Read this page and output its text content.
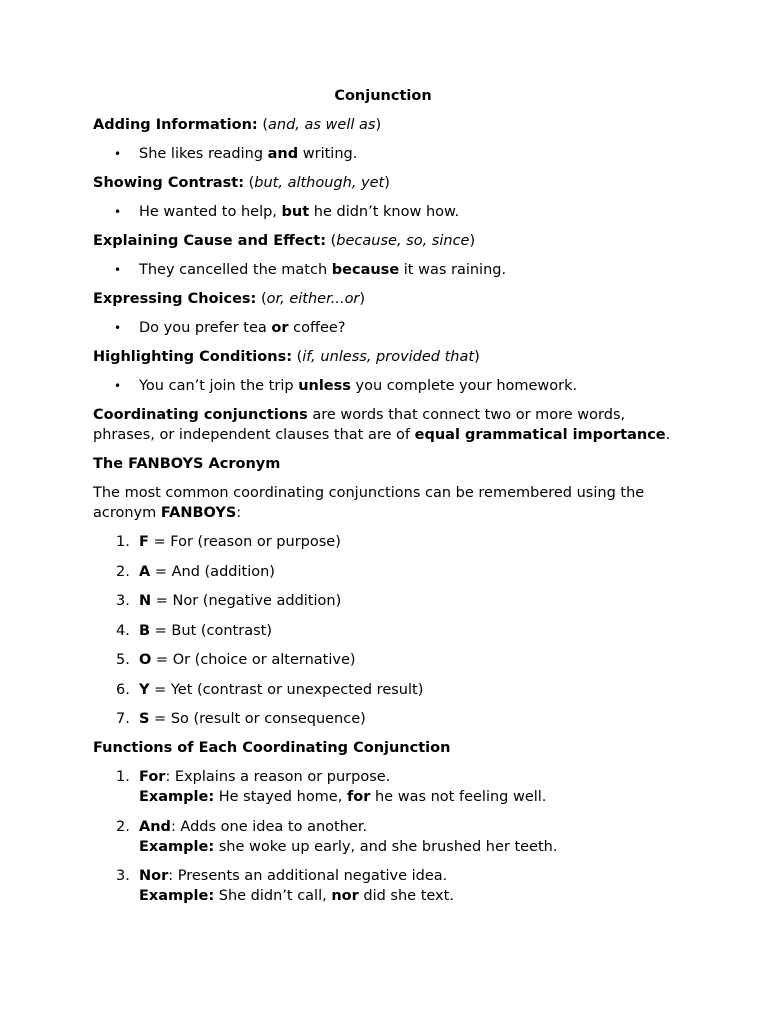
Conjunction
Adding Information: (and, as well as)
• She likes reading and writing.
Showing Contrast: (but, although, yet)
• He wanted to help, but he didn’t know how.
Explaining Cause and Effect: (because, so, since)
• They cancelled the match because it was raining.
Expressing Choices: (or, either...or)
• Do you prefer tea or coffee?
Highlighting Conditions: (if, unless, provided that)
• You can’t join the trip unless you complete your homework.

Coordinating conjunctions are words that connect two or more words, phrases, or independent clauses that are of equal grammatical importance.

The FANBOYS Acronym

The most common coordinating conjunctions can be remembered using the acronym FANBOYS:

1. F = For (reason or purpose)
2. A = And (addition)
3. N = Nor (negative addition)
4. B = But (contrast)
5. O = Or (choice or alternative)
6. Y = Yet (contrast or unexpected result)
7. S = So (result or consequence)
Functions of Each Coordinating Conjunction
1. For: Explains a reason or purpose.
Example: He stayed home, for he was not feeling well.
2. And: Adds one idea to another.
Example: she woke up early, and she brushed her teeth.
3. Nor: Presents an additional negative idea.
Example: She didn’t call, nor did she text.
